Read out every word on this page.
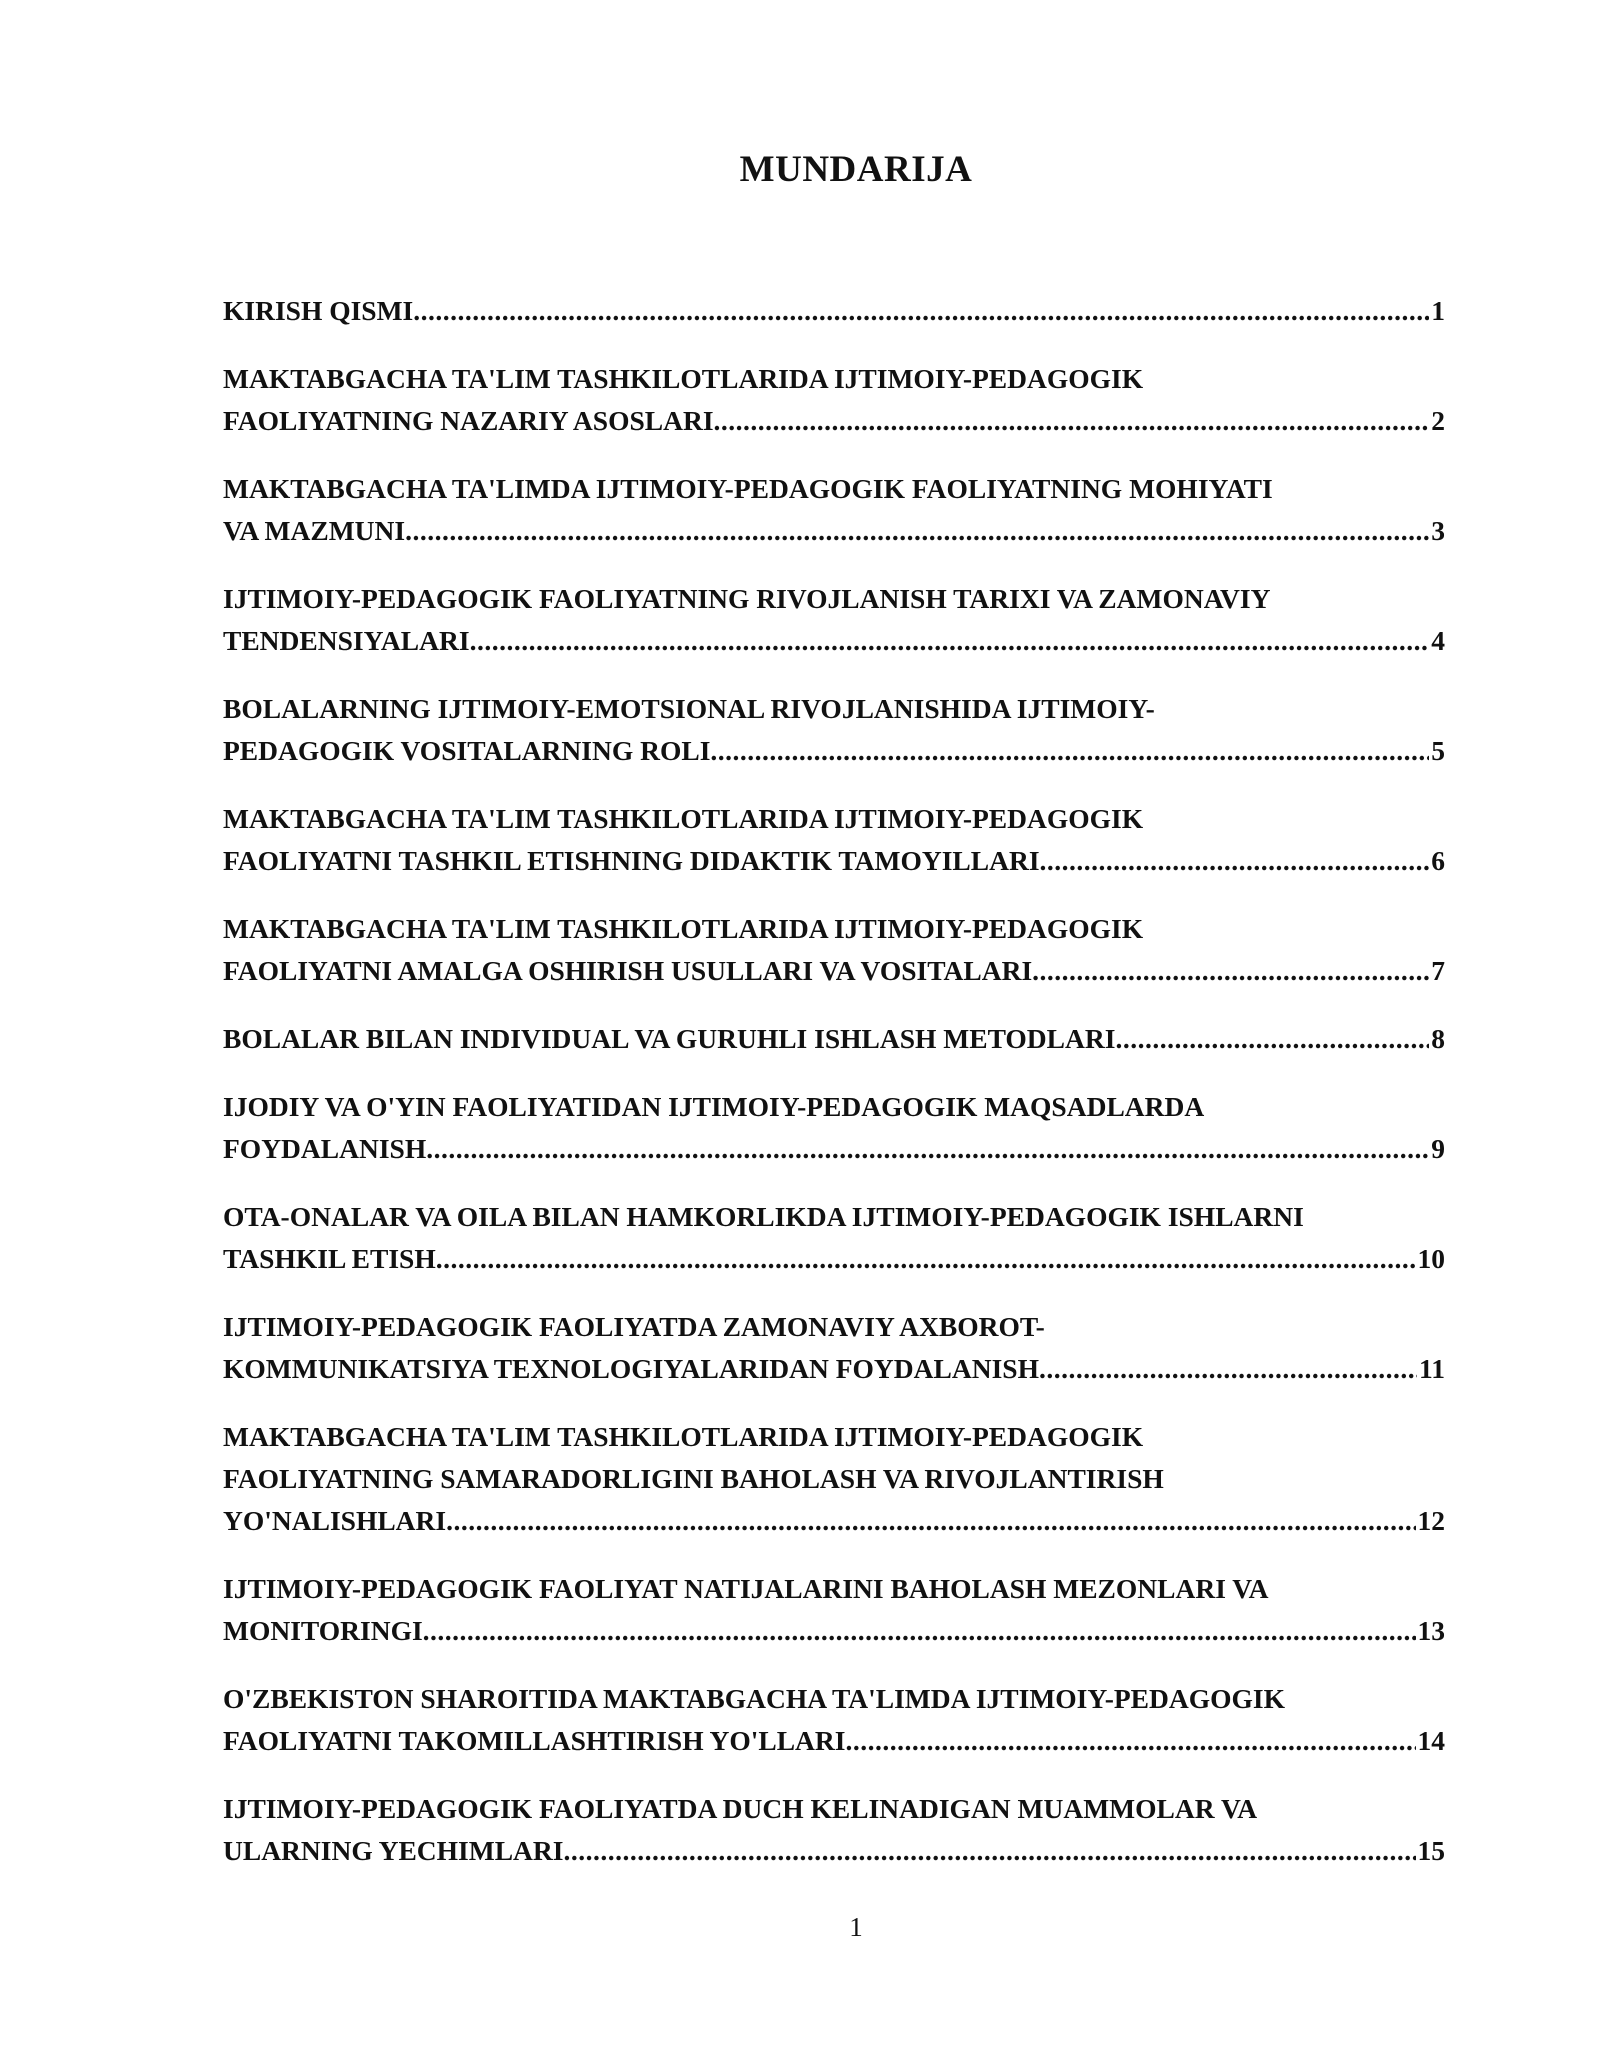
MUNDARIJA
KIRISH QISMI .....	1
MAKTABGACHA TA'LIM TASHKILOTLARIDA IJTIMOIY-PEDAGOGIK
FAOLIYATNING NAZARIY ASOSLARI .....	2
MAKTABGACHA TA'LIMDA IJTIMOIY-PEDAGOGIK FAOLIYATNING MOHIYATI
VA MAZMUNI .....	3
IJTIMOIY-PEDAGOGIK FAOLIYATNING RIVOJLANISH TARIXI VA ZAMONAVIY
TENDENSIYALARI .....	4
BOLALARNING IJTIMOIY-EMOTSIONAL RIVOJLANISHIDA IJTIMOIY-
PEDAGOGIK VOSITALARNING ROLI .....	5
MAKTABGACHA TA'LIM TASHKILOTLARIDA IJTIMOIY-PEDAGOGIK
FAOLIYATNI TASHKIL ETISHNING DIDAKTIK TAMOYILLARI .....	6
MAKTABGACHA TA'LIM TASHKILOTLARIDA IJTIMOIY-PEDAGOGIK
FAOLIYATNI AMALGA OSHIRISH USULLARI VA VOSITALARI .....	7
BOLALAR BILAN INDIVIDUAL VA GURUHLI ISHLASH METODLARI .....	8
IJODIY VA O'YIN FAOLIYATIDAN IJTIMOIY-PEDAGOGIK MAQSADLARDA
FOYDALANISH .....	9
OTA-ONALAR VA OILA BILAN HAMKORLIKDA IJTIMOIY-PEDAGOGIK ISHLARNI
TASHKIL ETISH .....	10
IJTIMOIY-PEDAGOGIK FAOLIYATDA ZAMONAVIY AXBOROT-
KOMMUNIKATSIYA TEXNOLOGIYALARIDAN FOYDALANISH .....	11
MAKTABGACHA TA'LIM TASHKILOTLARIDA IJTIMOIY-PEDAGOGIK
FAOLIYATNING SAMARADORLIGINI BAHOLASH VA RIVOJLANTIRISH
YO'NALISHLARI .....	12
IJTIMOIY-PEDAGOGIK FAOLIYAT NATIJALARINI BAHOLASH MEZONLARI VA
MONITORINGI .....	13
O'ZBEKISTON SHAROITIDA MAKTABGACHA TA'LIMDA IJTIMOIY-PEDAGOGIK
FAOLIYATNI TAKOMILLASHTIRISH YO'LLARI .....	14
IJTIMOIY-PEDAGOGIK FAOLIYATDA DUCH KELINADIGAN MUAMMOLAR VA
ULARNING YECHIMLARI .....	15
1
